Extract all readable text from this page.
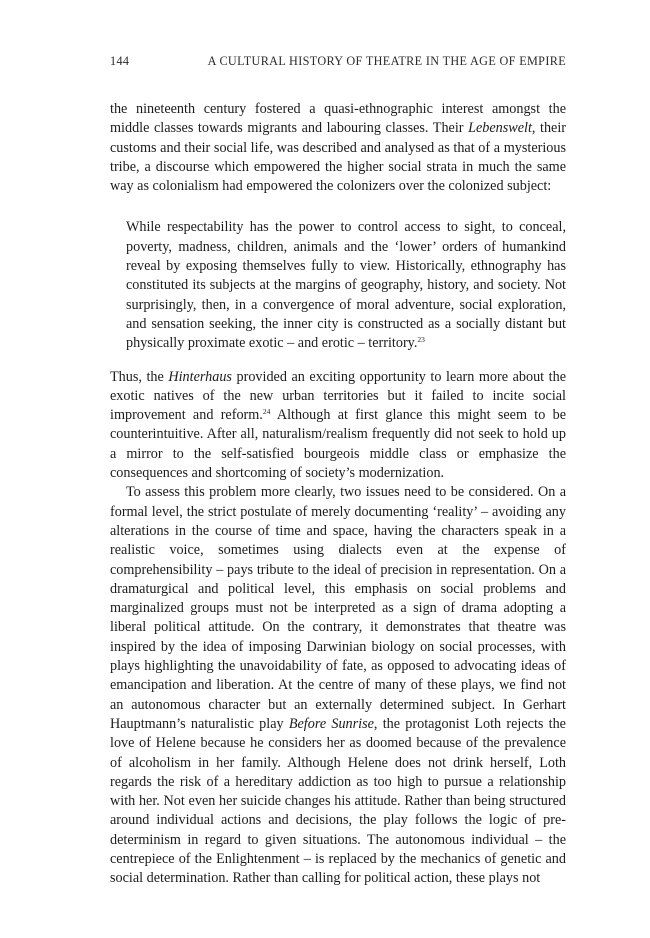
144	A CULTURAL HISTORY OF THEATRE IN THE AGE OF EMPIRE

the nineteenth century fostered a quasi-ethnographic interest amongst the middle classes towards migrants and labouring classes. Their Lebenswelt, their customs and their social life, was described and analysed as that of a mysterious tribe, a discourse which empowered the higher social strata in much the same way as colonialism had empowered the colonizers over the colonized subject:

While respectability has the power to control access to sight, to conceal, poverty, madness, children, animals and the ‘lower’ orders of humankind reveal by exposing themselves fully to view. Historically, ethnography has constituted its subjects at the margins of geography, history, and society. Not surprisingly, then, in a convergence of moral adventure, social exploration, and sensation seeking, the inner city is constructed as a socially distant but physically proximate exotic – and erotic – territory.$^{23}$

Thus, the Hinterhaus provided an exciting opportunity to learn more about the exotic natives of the new urban territories but it failed to incite social improvement and reform.$^{24}$ Although at first glance this might seem to be counterintuitive. After all, naturalism/realism frequently did not seek to hold up a mirror to the self-satisfied bourgeois middle class or emphasize the consequences and shortcoming of society’s modernization.

To assess this problem more clearly, two issues need to be considered. On a formal level, the strict postulate of merely documenting ‘reality’ – avoiding any alterations in the course of time and space, having the characters speak in a realistic voice, sometimes using dialects even at the expense of comprehensibility – pays tribute to the ideal of precision in representation. On a dramaturgical and political level, this emphasis on social problems and marginalized groups must not be interpreted as a sign of drama adopting a liberal political attitude. On the contrary, it demonstrates that theatre was inspired by the idea of imposing Darwinian biology on social processes, with plays highlighting the unavoidability of fate, as opposed to advocating ideas of emancipation and liberation. At the centre of many of these plays, we find not an autonomous character but an externally determined subject. In Gerhart Hauptmann’s naturalistic play Before Sunrise, the protagonist Loth rejects the love of Helene because he considers her as doomed because of the prevalence of alcoholism in her family. Although Helene does not drink herself, Loth regards the risk of a hereditary addiction as too high to pursue a relationship with her. Not even her suicide changes his attitude. Rather than being structured around individual actions and decisions, the play follows the logic of pre-determinism in regard to given situations. The autonomous individual – the centrepiece of the Enlightenment – is replaced by the mechanics of genetic and social determination. Rather than calling for political action, these plays not
